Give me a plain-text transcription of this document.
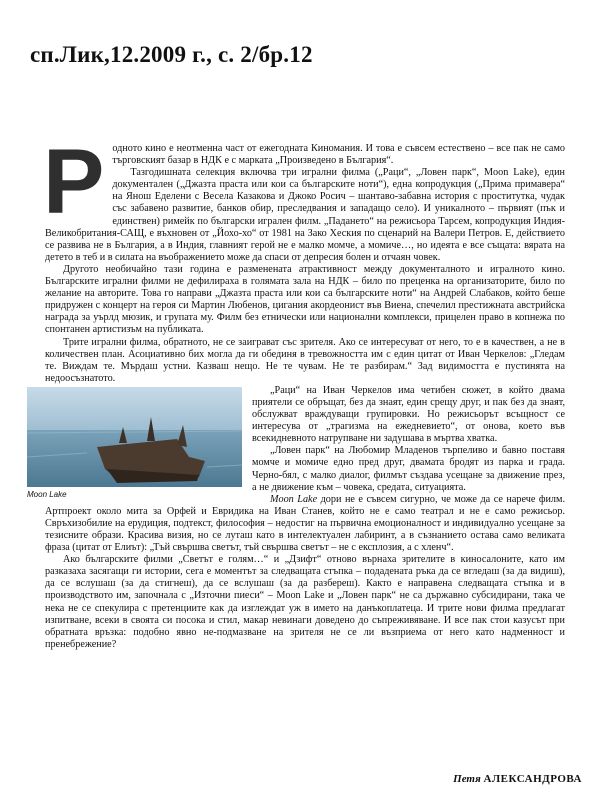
сп.Лик,12.2009 г., с. 2/бр.12

Родното кино е неотменна част от ежегодната Киномания. И това е съвсем естествено – все пак не само търговският базар в НДК е с марката „Произведено в България“.

Тазгодишната селекция включва три игрални филма („Раци“, „Ловен парк“, Moon Lake), един документален („Джазта праста или кои са българските ноти“), една копродукция („Прима примавера“ на Янош Еделени с Весела Казакова и Джоко Росич – шантаво-забавна история с проститутка, чудак със забавено развитие, банков обир, преследвания и западащо село). И уникалното – първият (пък и единствен) римейк по български игрален филм. „Падането“ на режисьора Тарсем, копродукция Индия-Великобритания-САЩ, е въхновен от „Йохо-хо“ от 1981 на Зако Хеския по сценарий на Валери Петров. Е, действието се развива не в България, а в Индия, главният герой не е малко момче, а момиче…, но идеята е все същата: вярата на детето в теб и в силата на въображението може да спаси от депресия болен и отчаян човек.

Другото необичайно тази година е разменената атрактивност между документалното и игралното кино. Българските игрални филми не дефилираха в голямата зала на НДК – било по преценка на организаторите, било по желание на авторите. Това го направи „Джазта праста или кои са българските ноти“ на Андрей Слабаков, който беше придружен с концерт на героя си Мартин Любенов, цигания акордеонист във Виена, спечелил престижната австрийска награда за уърлд мюзик, и групата му. Филм без етнически или национални комплекси, прицелен право в копнежа по спонтанен артистизъм на публиката.

Трите игрални филма, обратното, не се заиграват със зрителя. Ако се интересуват от него, то е в качествен, а не в количествен план. Асоциативно бих могла да ги обединя в тревожността им с един цитат от Иван Черкелов: „Гледам те. Виждам те. Мърдаш устни. Казваш нещо. Не те чувам. Не те разбирам.“ Зад видимостта е пустинята на недоосъзнатото.

Moon Lake

„Раци“ на Иван Черкелов има четибен сюжет, в който двама приятели се обръщат, без да знаят, един срещу друг, и пак без да знаят, обслужват враждуващи групировки. Но режисьорът всъщност се интересува от „трагизма на ежедневието“, от онова, което във всекидневното натрупване ни задушава в мъртва хватка.

„Ловен парк“ на Любомир Младенов търпеливо и бавно поставя момче и момиче едно пред друг, двамата бродят из парка и града. Черно-бял, с малко диалог, филмът създава усещане за движение през, а не движение към – човека, средата, ситуацията.

Moon Lake дори не е съвсем сигурно, че може да се нарече филм. Артпроект около мита за Орфей и Евридика на Иван Станев, който не е само театрал и не е само режисьор. Свръхизобилие на ерудиция, подтекст, философия – недостиг на първична емоционалност и индивидуално усещане за тезисните образи. Красива визия, но се луташ като в интелектуален лабиринт, а в съзнанието остава само великата фраза (цитат от Елиът): „Тъй свършва светът, тъй свършва светът – не с експлозия, а с хленч“.

Ако българските филми „Светът е голям…“ и „Дзифт“ отново върнаха зрителите в киносалоните, като им разказаха засягащи ги истории, сега е моментът за следващата стъпка – подадената ръка да се вгледаш (за да видиш), да се вслушаш (за да стигнеш), да се вслушаш (за да разбереш). Както е направена следващата стъпка и в производството им, започнала с „Източни пиеси“ – Moon Lake и „Ловен парк“ не са държавно субсидирани, така че нека не се спекулира с претенциите как да изглеждат уж в името на данъкоплатеца. И трите нови филма предлагат изпитване, всеки в своята си посока и стил, макар невинаги доведено до съпреживяване. И все пак стои казусът при обратната връзка: подобно явно не-подмазване на зрителя не се ли възприема от него като надменност и пренебрежение?

Петя АЛЕКСАНДРОВА
